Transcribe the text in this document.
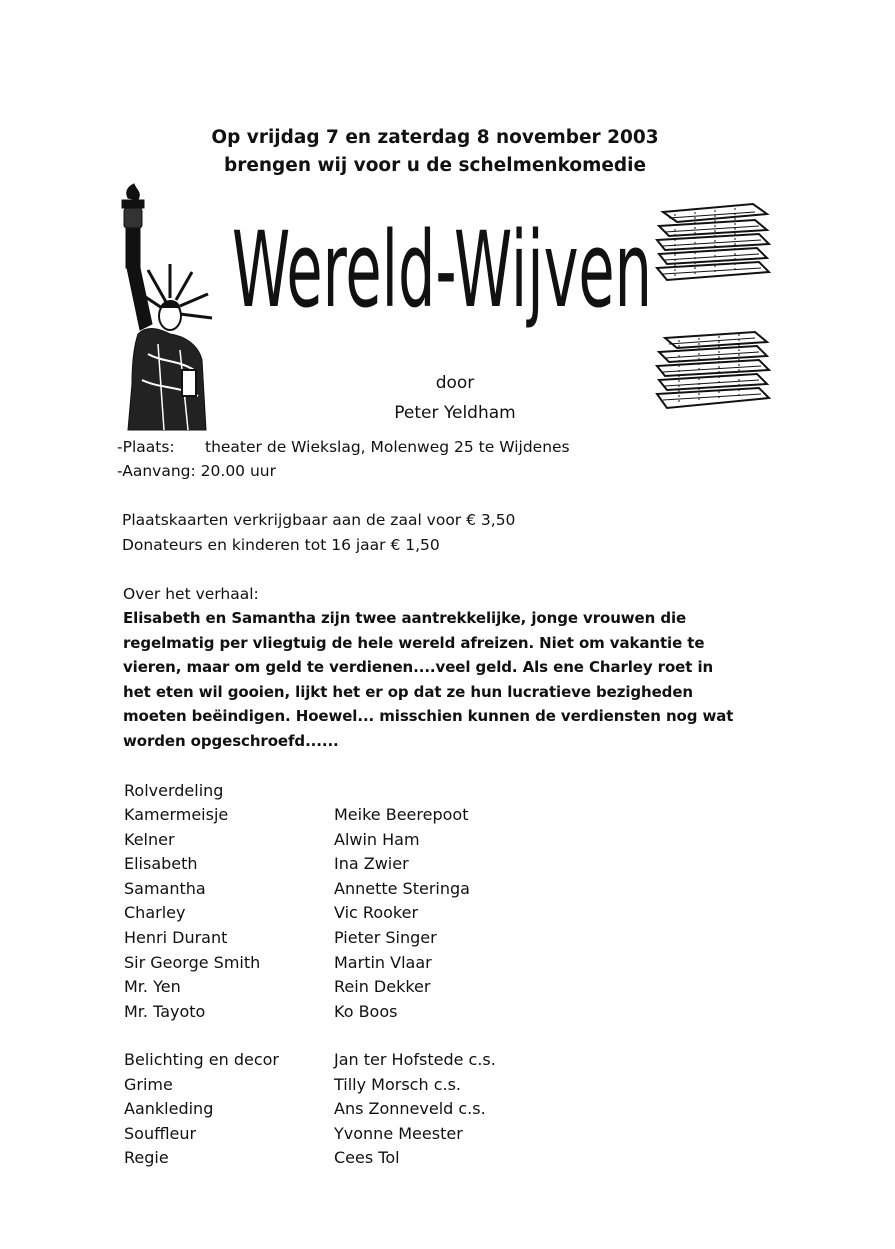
Op vrijdag 7 en zaterdag 8 november 2003
brengen wij voor u de schelmenkomedie
Wereld-Wijven
door
Peter Yeldham
-Plaats: theater de Wiekslag, Molenweg 25 te Wijdenes
-Aanvang: 20.00 uur
Plaatskaarten verkrijgbaar aan de zaal voor € 3,50
Donateurs en kinderen tot 16 jaar € 1,50
Over het verhaal:
Elisabeth en Samantha zijn twee aantrekkelijke, jonge vrouwen die
regelmatig per vliegtuig de hele wereld afreizen. Niet om vakantie te
vieren, maar om geld te verdienen....veel geld. Als ene Charley roet in
het eten wil gooien, lijkt het er op dat ze hun lucratieve bezigheden
moeten beëindigen. Hoewel... misschien kunnen de verdiensten nog wat
worden opgeschroefd......
Rolverdeling
Kamermeisje	Meike Beerepoot
Kelner	Alwin Ham
Elisabeth	Ina Zwier
Samantha	Annette Steringa
Charley	Vic Rooker
Henri Durant	Pieter Singer
Sir George Smith	Martin Vlaar
Mr. Yen	Rein Dekker
Mr. Tayoto	Ko Boos
Belichting en decor	Jan ter Hofstede c.s.
Grime	Tilly Morsch c.s.
Aankleding	Ans Zonneveld c.s.
Souffleur	Yvonne Meester
Regie	Cees Tol
